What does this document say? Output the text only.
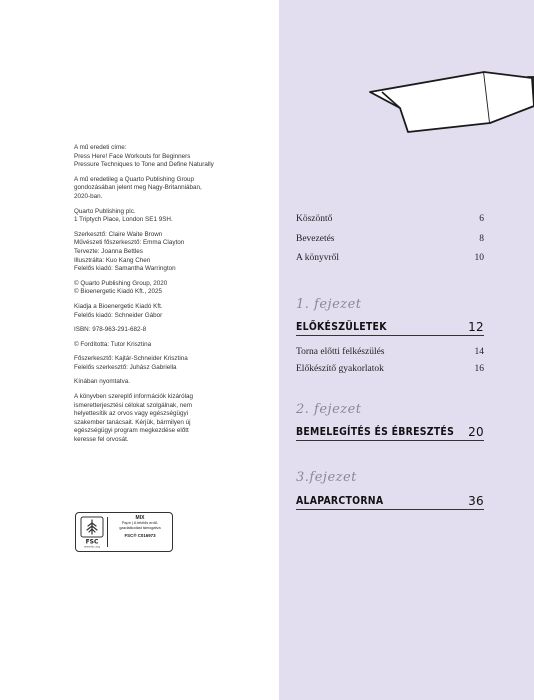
A mű eredeti címe:
Press Here! Face Workouts for Beginners
Pressure Techniques to Tone and Define Naturally

A mű eredetileg a Quarto Publishing Group
gondozásában jelent meg Nagy-Britanniában,
2020-ban.

Quarto Publishing plc.
1 Triptych Place, London SE1 9SH.

Szerkesztő: Claire Waite Brown
Művészeti főszerkesztő: Emma Clayton
Tervezte: Joanna Bettles
Illusztrálta: Kuo Kang Chen
Felelős kiadó: Samantha Warrington

© Quarto Publishing Group, 2020
© Bioenergetic Kiadó Kft., 2025

Kiadja a Bioenergetic Kiadó Kft.
Felelős kiadó: Schneider Gábor

ISBN: 978-963-291-682-8

© Fordította: Tutor Krisztina

Főszerkesztő: Kajtár-Schneider Krisztina
Felelős szerkesztő: Juhász Gabriella

Kínában nyomtatva.

A könyvben szereplő információk kizárólag
ismeretterjesztési célokat szolgálnak, nem
helyettesítik az orvos vagy egészségügyi
szakember tanácsait. Kérjük, bármilyen új
egészségügyi program megkezdése előtt
keresse fel orvosát.

FSC
www.fsc.org
MIX
Papír | A felelős erdő-
gazdálkodást támogatva
FSC® C016973
Köszöntő	6
Bevezetés	8
A könyvről	10
1. fejezet
ELŐKÉSZÜLETEK	12
Torna előtti felkészülés	14
Előkészítő gyakorlatok	16
2. fejezet
BEMELEGÍTÉS ÉS ÉBRESZTÉS 20
3.fejezet
ALAPARCTORNA	36
